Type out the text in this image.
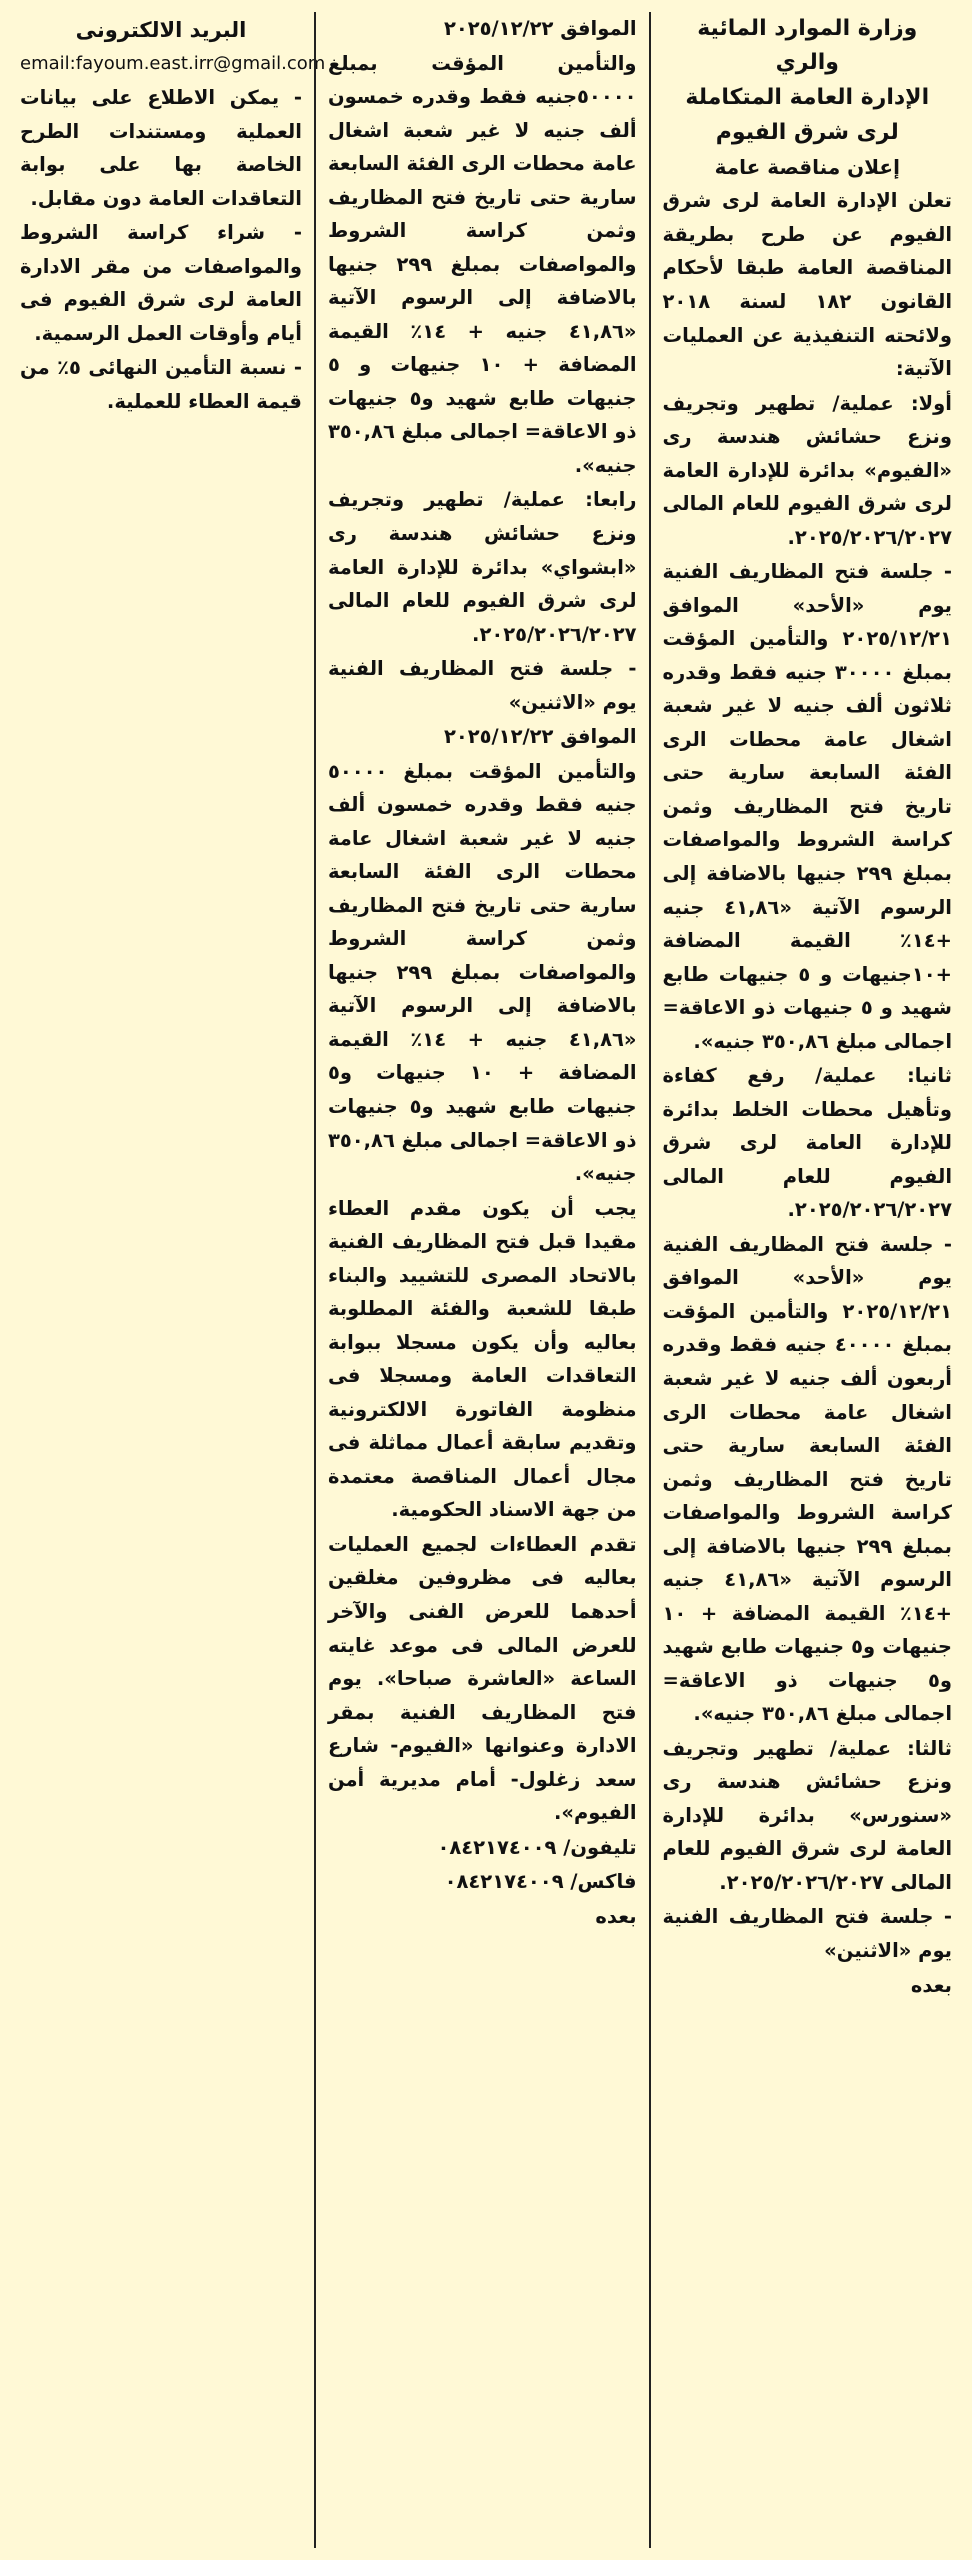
وزارة الموارد المائية والري

الإدارة العامة المتكاملة

لرى شرق الفيوم

إعلان مناقصة عامة

تعلن الإدارة العامة لرى شرق الفيوم عن طرح بطريقة المناقصة العامة طبقا لأحكام القانون ١٨٢ لسنة ٢٠١٨ ولائحته التنفيذية عن العمليات الآتية:

أولا: عملية/ تطهير وتجريف ونزع حشائش هندسة رى «الفيوم» بدائرة للإدارة العامة لرى شرق الفيوم للعام المالى ٢٠٢٥/٢٠٢٦/٢٠٢٧.

- جلسة فتح المظاريف الفنية يوم «الأحد» الموافق ٢٠٢٥/١٢/٢١ والتأمين المؤقت بمبلغ ٣٠٠٠٠ جنيه فقط وقدره ثلاثون ألف جنيه لا غير شعبة اشغال عامة محطات الرى الفئة السابعة سارية حتى تاريخ فتح المظاريف وثمن كراسة الشروط والمواصفات بمبلغ ٢٩٩ جنيها بالاضافة إلى الرسوم الآتية «٤١,٨٦ جنيه +١٤٪ القيمة المضافة +١٠جنيهات و ٥ جنيهات طابع شهيد و ٥ جنيهات ذو الاعاقة= اجمالى مبلغ ٣٥٠,٨٦ جنيه».

ثانيا: عملية/ رفع كفاءة وتأهيل محطات الخلط بدائرة للإدارة العامة لرى شرق الفيوم للعام المالى ٢٠٢٥/٢٠٢٦/٢٠٢٧.

- جلسة فتح المظاريف الفنية يوم «الأحد» الموافق ٢٠٢٥/١٢/٢١ والتأمين المؤقت بمبلغ ٤٠٠٠٠ جنيه فقط وقدره أربعون ألف جنيه لا غير شعبة اشغال عامة محطات الرى الفئة السابعة سارية حتى تاريخ فتح المظاريف وثمن كراسة الشروط والمواصفات بمبلغ ٢٩٩ جنيها بالاضافة إلى الرسوم الآتية «٤١,٨٦ جنيه +١٤٪ القيمة المضافة + ١٠ جنيهات و٥ جنيهات طابع شهيد و٥ جنيهات ذو الاعاقة= اجمالى مبلغ ٣٥٠,٨٦ جنيه».

ثالثا: عملية/ تطهير وتجريف ونزع حشائش هندسة رى «سنورس» بدائرة للإدارة العامة لرى شرق الفيوم للعام المالى ٢٠٢٥/٢٠٢٦/٢٠٢٧.

- جلسة فتح المظاريف الفنية يوم «الاثنين»

بعده

الموافق ٢٠٢٥/١٢/٢٢

والتأمين المؤقت بمبلغ ٥٠٠٠٠جنيه فقط وقدره خمسون ألف جنيه لا غير شعبة اشغال عامة محطات الرى الفئة السابعة سارية حتى تاريخ فتح المظاريف وثمن كراسة الشروط والمواصفات بمبلغ ٢٩٩ جنيها بالاضافة إلى الرسوم الآتية «٤١,٨٦ جنيه + ١٤٪ القيمة المضافة + ١٠ جنيهات و ٥ جنيهات طابع شهيد و٥ جنيهات ذو الاعاقة= اجمالى مبلغ ٣٥٠,٨٦ جنيه».

رابعا: عملية/ تطهير وتجريف ونزع حشائش هندسة رى «ابشواي» بدائرة للإدارة العامة لرى شرق الفيوم للعام المالى ٢٠٢٥/٢٠٢٦/٢٠٢٧.

- جلسة فتح المظاريف الفنية يوم «الاثنين»

الموافق ٢٠٢٥/١٢/٢٢

والتأمين المؤقت بمبلغ ٥٠٠٠٠ جنيه فقط وقدره خمسون ألف جنيه لا غير شعبة اشغال عامة محطات الرى الفئة السابعة سارية حتى تاريخ فتح المظاريف وثمن كراسة الشروط والمواصفات بمبلغ ٢٩٩ جنيها بالاضافة إلى الرسوم الآتية «٤١,٨٦ جنيه + ١٤٪ القيمة المضافة + ١٠ جنيهات و٥ جنيهات طابع شهيد و٥ جنيهات ذو الاعاقة= اجمالى مبلغ ٣٥٠,٨٦ جنيه».

يجب أن يكون مقدم العطاء مقيدا قبل فتح المظاريف الفنية بالاتحاد المصرى للتشييد والبناء طبقا للشعبة والفئة المطلوبة بعاليه وأن يكون مسجلا ببوابة التعاقدات العامة ومسجلا فى منظومة الفاتورة الالكترونية وتقديم سابقة أعمال مماثلة فى مجال أعمال المناقصة معتمدة من جهة الاسناد الحكومية.

تقدم العطاءات لجميع العمليات بعاليه فى مظروفين مغلقين أحدهما للعرض الفنى والآخر للعرض المالى فى موعد غايته الساعة «العاشرة صباحا». يوم فتح المظاريف الفنية بمقر الادارة وعنوانها «الفيوم- شارع سعد زغلول- أمام مديرية أمن الفيوم».

تليفون/ ٠٨٤٢١٧٤٠٠٩

فاكس/ ٠٨٤٢١٧٤٠٠٩

بعده

البريد الالكترونى

email:fayoum.east.irr@gmail.com

- يمكن الاطلاع على بيانات العملية ومستندات الطرح الخاصة بها على بوابة التعاقدات العامة دون مقابل.

- شراء كراسة الشروط والمواصفات من مقر الادارة العامة لرى شرق الفيوم فى أيام وأوقات العمل الرسمية.

- نسبة التأمين النهائى ٥٪ من قيمة العطاء للعملية.
